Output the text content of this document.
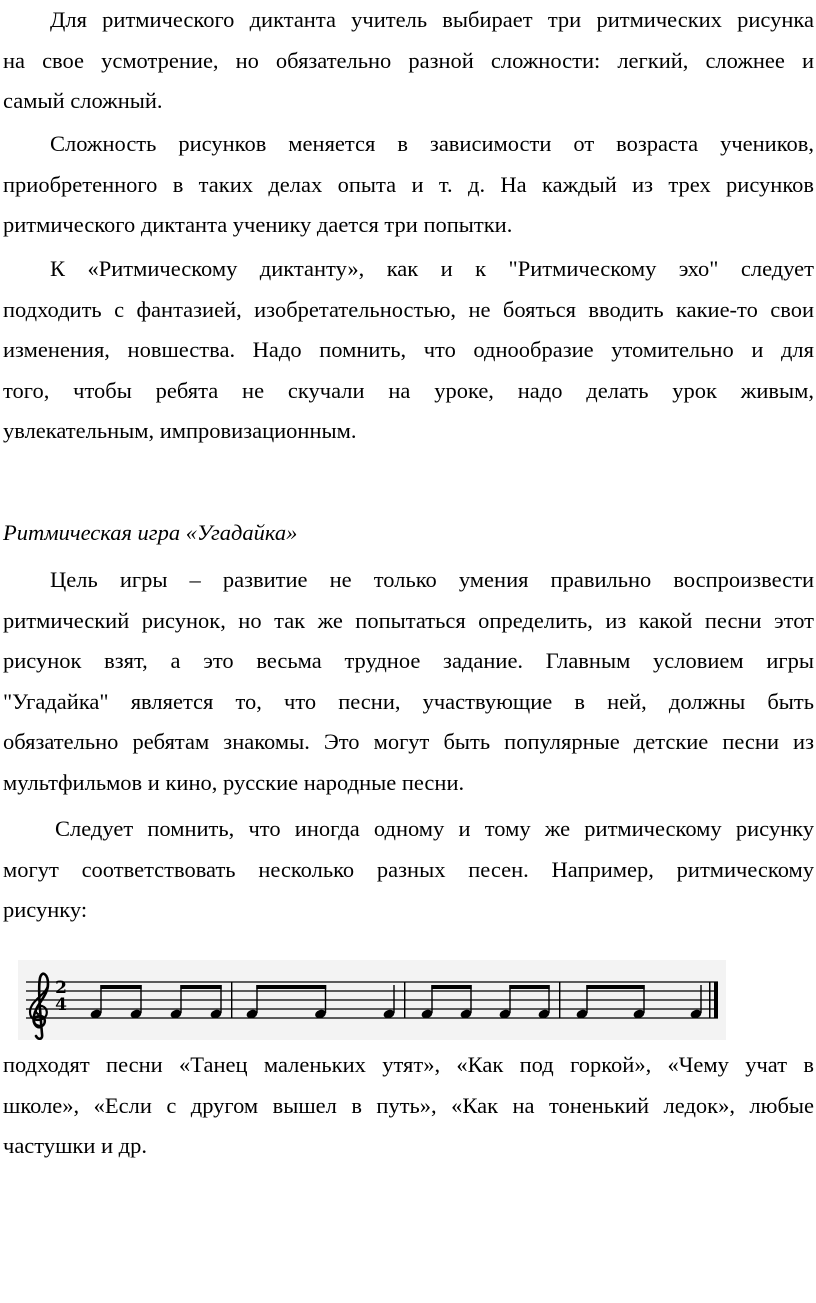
Для ритмического диктанта учитель выбирает три ритмических рисунка
на свое усмотрение, но обязательно разной сложности: легкий, сложнее и
самый сложный.
Сложность рисунков меняется в зависимости от возраста учеников,
приобретенного в таких делах опыта и т. д. На каждый из трех рисунков
ритмического диктанта ученику дается три попытки.
К «Ритмическому диктанту», как и к "Ритмическому эхо" следует
подходить с фантазией, изобретательностью, не бояться вводить какие-то свои
изменения, новшества. Надо помнить, что однообразие утомительно и для
того, чтобы ребята не скучали на уроке, надо делать урок живым,
увлекательным, импровизационным.
Ритмическая игра «Угадайка»
Цель игры – развитие не только умения правильно воспроизвести
ритмический рисунок, но так же попытаться определить, из какой песни этот
рисунок взят, а это весьма трудное задание. Главным условием игры
"Угадайка" является то, что песни, участвующие в ней, должны быть
обязательно ребятам знакомы. Это могут быть популярные детские песни из
мультфильмов и кино, русские народные песни.
Следует помнить, что иногда одному и тому же ритмическому рисунку
могут соответствовать несколько разных песен. Например, ритмическому
рисунку:
2
4
подходят песни «Танец маленьких утят», «Как под горкой», «Чему учат в
школе», «Если с другом вышел в путь», «Как на тоненький ледок», любые
частушки и др.
